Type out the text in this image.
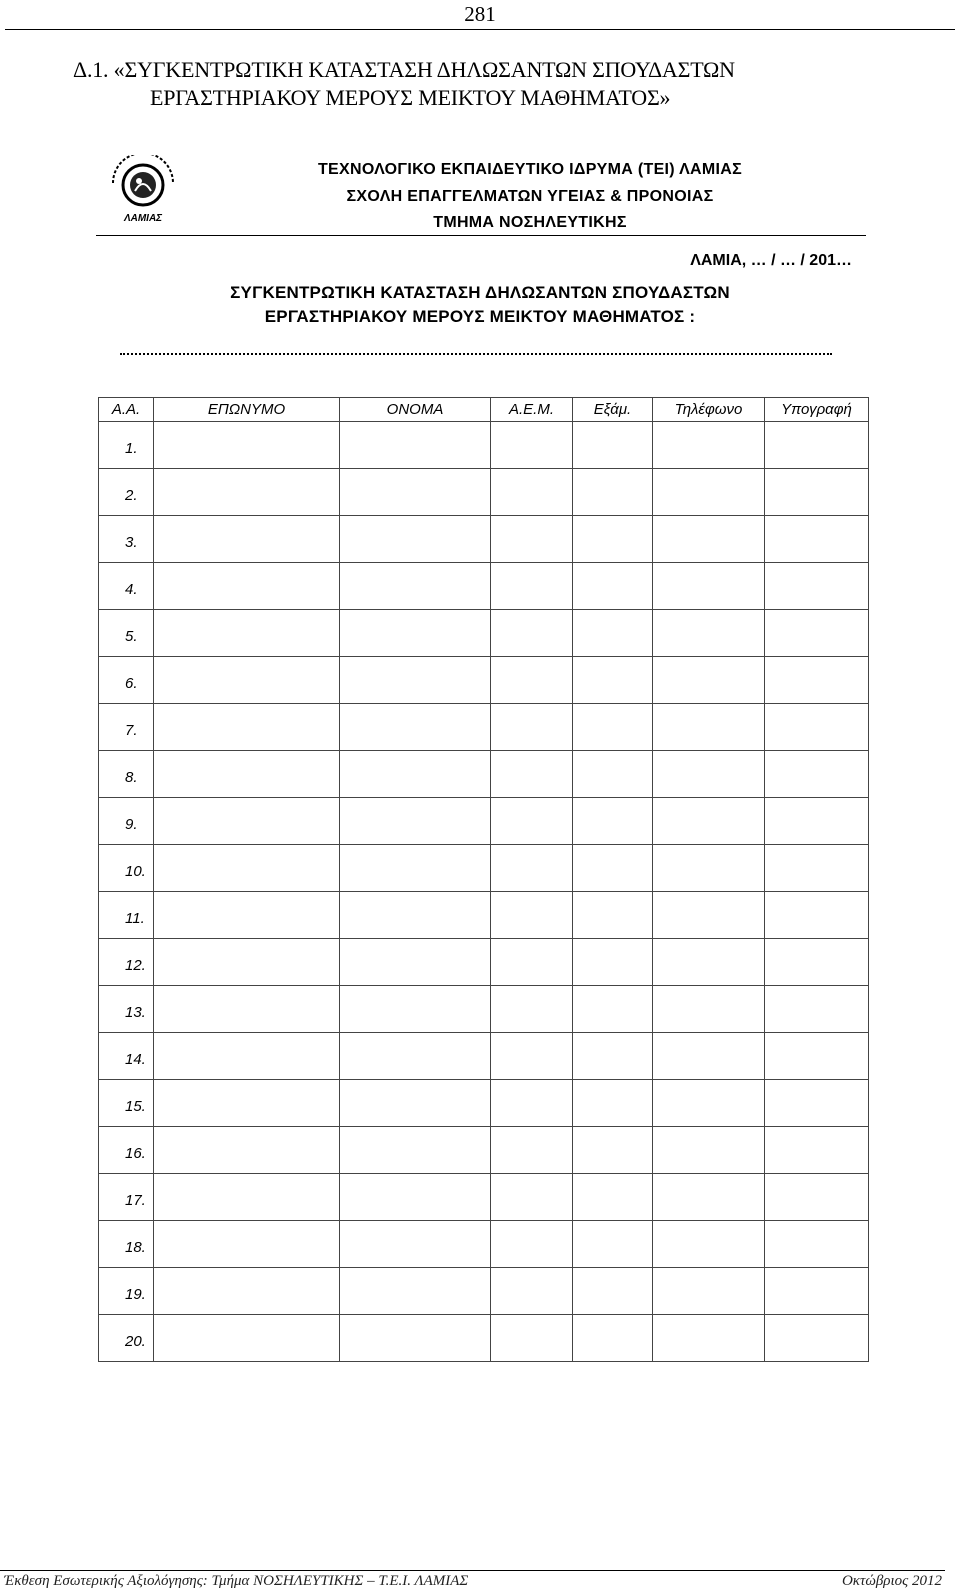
281
Δ.1. «ΣΥΓΚΕΝΤΡΩΤΙΚΗ ΚΑΤΑΣΤΑΣΗ ΔΗΛΩΣΑΝΤΩΝ ΣΠΟΥΔΑΣΤΩΝ
ΕΡΓΑΣΤΗΡΙΑΚΟΥ ΜΕΡΟΥΣ ΜΕΙΚΤΟΥ ΜΑΘΗΜΑΤΟΣ»
ΛΑΜΙΑΣ
ΤΕΧΝΟΛΟΓΙΚΟ ΕΚΠΑΙΔΕΥΤΙΚΟ ΙΔΡΥΜΑ (ΤΕΙ) ΛΑΜΙΑΣ
ΣΧΟΛΗ ΕΠΑΓΓΕΛΜΑΤΩΝ ΥΓΕΙΑΣ & ΠΡΟΝΟΙΑΣ
ΤΜΗΜΑ ΝΟΣΗΛΕΥΤΙΚΗΣ
ΛΑΜΙΑ, … / … / 201…
ΣΥΓΚΕΝΤΡΩΤΙΚΗ ΚΑΤΑΣΤΑΣΗ ΔΗΛΩΣΑΝΤΩΝ ΣΠΟΥΔΑΣΤΩΝ
ΕΡΓΑΣΤΗΡΙΑΚΟΥ ΜΕΡΟΥΣ ΜΕΙΚΤΟΥ ΜΑΘΗΜΑΤΟΣ :
Α.Α.	ΕΠΩΝΥΜΟ	ΟΝΟΜΑ	Α.Ε.Μ.	Εξάμ.	Τηλέφωνο	Υπογραφή
1.						
2.						
3.						
4.						
5.						
6.						
7.						
8.						
9.						
10.						
11.						
12.						
13.						
14.						
15.						
16.						
17.						
18.						
19.						
20.						
Έκθεση Εσωτερικής Αξιολόγησης: Τμήμα ΝΟΣΗΛΕΥΤΙΚΗΣ – Τ.Ε.Ι. ΛΑΜΙΑΣ	Οκτώβριος 2012
